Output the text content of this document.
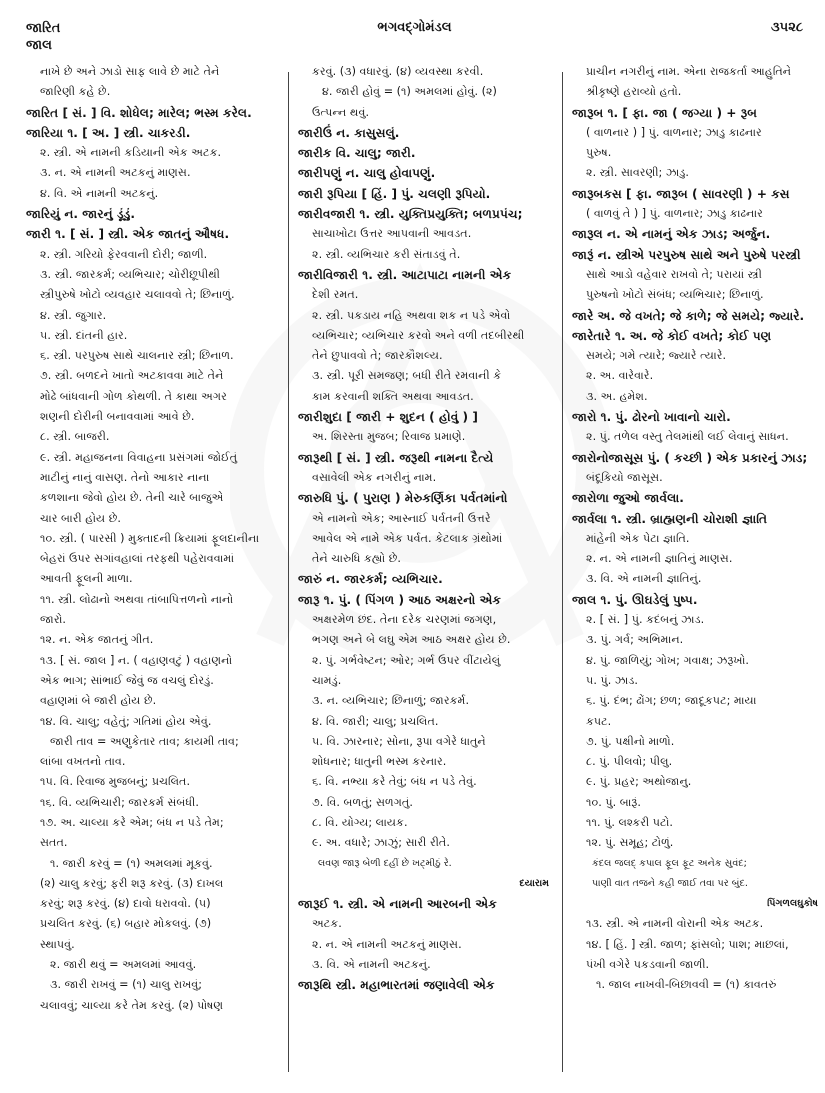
જારિત
જાલ
ભગવદ્ગોમંડલ	૩૫૨૮
નાખે છે અને ઝાડો સાફ લાવે છે માટે તેને
જારિણી કહે છે.
જારિત [ સં. ] વિ. શોધેલ; મારેલ; ભસ્મ કરેલ.
જારિયા ૧. [ અ. ] સ્ત્રી. ચાકરડી.
૨. સ્ત્રી. એ નામની કડિયાની એક અટક.
૩. ન. એ નામની અટકનું માણસ.
૪. વિ. એ નામની અટકનું.
જારિયું ન. જારનું ડૂંડું.
જારી ૧. [ સં. ] સ્ત્રી. એક જાતનું ઔષધ.
૨. સ્ત્રી. ગરિયો ફેરવવાની દોરી; જાળી.
૩. સ્ત્રી. જારકર્મ; વ્યભિચાર; ચોરીછૂપીથી
સ્ત્રીપુરુષે ખોટો વ્યવહાર ચલાવવો તે; છિનાળું.
૪. સ્ત્રી. જુગાર.
૫. સ્ત્રી. દાંતની હાર.
૬. સ્ત્રી. પરપુરુષ સાથે ચાલનાર સ્ત્રી; છિનાળ.
૭. સ્ત્રી. બળદને ખાતો અટકાવવા માટે તેને
મોઢે બાંધવાની ગોળ કોથળી. તે કાથા અગર
શણની દોરીની બનાવવામાં આવે છે.
૮. સ્ત્રી. બાજરી.
૯. સ્ત્રી. મહાજનના વિવાહના પ્રસંગમાં જોઈતું
માટીનું નાનું વાસણ. તેનો આકાર નાના
કળશાના જેવો હોય છે. તેની ચારે બાજુએ
ચાર બારી હોય છે.
૧૦. સ્ત્રી. ( પારસી ) મુક્તાદની ક્રિયામાં ફૂલદાનીના
બેહરાં ઉપર સગાંવહાલાં તરફથી પહેરાવવામાં
આવતી ફૂલની માળા.
૧૧. સ્ત્રી. લોઢાનો અથવા તાંબાપિત્તળનો નાનો
જારો.
૧૨. ન. એક જાતનું ગીત.
૧૩. [ સં. જાલ ] ન. ( વહાણવટું ) વહાણનો
એક ભાગ; સાંભાઈ જેવું જ વચલું દોરડું.
વહાણમાં બે જારી હોય છે.
૧૪. વિ. ચાલુ; વહેતું; ગતિમાં હોય એવું.
જારી તાવ = અણુકેતાર તાવ; કાયમી તાવ;
લાંબા વખતનો તાવ.
૧૫. વિ. રિવાજ મુજબનું; પ્રચલિત.
૧૬. વિ. વ્યભિચારી; જારકર્મ સંબંધી.
૧૭. અ. ચાલ્યા કરે એમ; બંધ ન પડે તેમ;
સતત.
૧. જારી કરવું = (૧) અમલમાં મૂકવું.
(૨) ચાલુ કરવું; ફરી શરૂ કરવું. (૩) દાખલ
કરવું; શરૂ કરવું. (૪) દાવો ધરાવવો. (૫)
પ્રચલિત કરવું. (૬) બહાર મોકલવું. (૭)
સ્થાપવું.
૨. જારી થવું = અમલમાં આવવું.
૩. જારી રાખવું = (૧) ચાલુ રાખવું;
ચલાવવું; ચાલ્યા કરે તેમ કરવું. (૨) પોષણ
કરવું. (૩) વધારવું. (૪) વ્યવસ્થા કરવી.
૪. જારી હોવું = (૧) અમલમાં હોવું. (૨)
ઉત્પન્ન થવું.
જારીઉં ન. કાસુસલું.
જારીક વિ. ચાલુ; જારી.
જારીપણું ન. ચાલુ હોવાપણું.
જારી રૂપિયા [ હિં. ] પું. ચલણી રૂપિયો.
જારીવજારી ૧. સ્ત્રી. યુક્તિપ્રયુક્તિ; બળપ્રપંચ;
સાચાખોટા ઉત્તર આપવાની આવડત.
૨. સ્ત્રી. વ્યભિચાર કરી સંતાડવું તે.
જારીવિજારી ૧. સ્ત્રી. આટાપાટા નામની એક
દેશી રમત.
૨. સ્ત્રી. પકડાય નહિ અથવા શક ન પડે એવો
વ્યભિચાર; વ્યભિચાર કરવો અને વળી તદબીરથી
તેને છુપાવવો તે; જારકૌશલ્ય.
૩. સ્ત્રી. પૂરી સમજણ; બધી રીતે રમવાની કે
કામ કરવાની શક્તિ અથવા આવડત.
જારીશુદા [ જારી + શુદન ( હોવું ) ]
અ. શિરસ્તા મુજબ; રિવાજ પ્રમાણે.
જારૂથી [ સં. ] સ્ત્રી. જરૂથી નામના દૈત્યે
વસાવેલી એક નગરીનું નામ.
જારુધિ પું. ( પુરાણ ) મેરુકર્ણિકા પર્વતમાંનો
એ નામનો એક; આસ્નાઈ પર્વતની ઉત્તરે
આવેલ એ નામે એક પર્વત. કેટલાક ગ્રંથોમાં
તેને ચારુધિ કહ્યો છે.
જારું ન. જારકર્મ; વ્યભિચાર.
જારૂ ૧. પું. ( પિંગળ ) આઠ અક્ષરનો એક
અક્ષરમેળ છંદ. તેના દરેક ચરણમાં જગણ,
ભગણ અને બે લઘુ એમ આઠ અક્ષર હોય છે.
૨. પું. ગર્ભવેષ્ટન; ઓર; ગર્ભ ઉપર વીંટાયેલું
ચામડું.
૩. ન. વ્યભિચાર; છિનાળું; જારકર્મ.
૪. વિ. જારી; ચાલુ; પ્રચલિત.
૫. વિ. ઝારનાર; સોના, રૂપા વગેરે ધાતુને
શોધનાર; ધાતુની ભસ્મ કરનાર.
૬. વિ. નભ્યા કરે તેવું; બંધ ન પડે તેવું.
૭. વિ. બળતું; સળગતું.
૮. વિ. યોગ્ય; લાયક.
૯. અ. વધારે; ઝાઝું; સારી રીતે.
લવણ જારૂ બેળી દહીં છે ખટ્મીઠું રે.
દયારામ
જારૂઈ ૧. સ્ત્રી. એ નામની આરબની એક
અટક.
૨. ન. એ નામની અટકનું માણસ.
૩. વિ. એ નામની અટકનું.
જારૂથિ સ્ત્રી. મહાભારતમાં જણાવેલી એક
પ્રાચીન નગરીનું નામ. એના રાજકર્તા આહુતિને
શ્રીકૃષ્ણે હરાવ્યો હતો.
જારૂબ ૧. [ ફા. જા ( જગ્યા ) + રૂબ
( વાળનાર ) ] પું. વાળનાર; ઝાડુ કાઢનાર
પુરુષ.
૨. સ્ત્રી. સાવરણી; ઝાડુ.
જારૂબકસ [ ફા. જારૂબ ( સાવરણી ) + કસ
( વાળવું તે ) ] પું. વાળનાર; ઝાડુ કાઢનાર
જારૂલ ન. એ નામનું એક ઝાડ; અર્જુન.
જારૂં ન. સ્ત્રીએ પરપુરુષ સાથે અને પુરુષે પરસ્ત્રી
સાથે આડો વહેવાર રાખવો તે; પરાયાં સ્ત્રી
પુરુષનો ખોટો સંબંધ; વ્યભિચાર; છિનાળું.
જારે અ. જે વખતે; જે કાળે; જે સમયે; જ્યારે.
જારેતારે ૧. અ. જે કોઈ વખતે; કોઈ પણ
સમયે; ગમે ત્યારે; જ્યારે ત્યારે.
૨. અ. વારેવારે.
૩. અ. હમેશ.
જારો ૧. પું. ઢોરનો ખાવાનો ચારો.
૨. પું. તળેલ વસ્તુ તેલમાંથી લઈ લેવાનું સાધન.
જારોનોજાસૂસ પું. ( કચ્છી ) એક પ્રકારનું ઝાડ;
બંદૂકિયો જાસૂસ.
જારોળા જુઓ જાર્વલા.
જાર્વલા ૧. સ્ત્રી. બ્રાહ્મણની ચોરાશી જ્ઞાતિ
માંહેની એક પેટા જ્ઞાતિ.
૨. ન. એ નામની જ્ઞાતિનું માણસ.
૩. વિ. એ નામની જ્ઞાતિનું.
જાલ ૧. પું. ઊઘડેલું પુષ્પ.
૨. [ સં. ] પું. કદંબનું ઝાડ.
૩. પું. ગર્વ; અભિમાન.
૪. પું. જાળિયું; ગોખ; ગવાક્ષ; ઝરૂખો.
૫. પું. ઝાડ.
૬. પું. દંભ; ઢોંગ; છળ; જાદૂકપટ; માયા
કપટ.
૭. પું. પક્ષીનો માળો.
૮. પું. પીલવો; પીલુ.
૯. પું. પ્રહર; અથોજાનુ.
૧૦. પું. બારૂં.
૧૧. પું. લશ્કરી પટો.
૧૨. પું. સમૂહ; ટોળું.
કંદલ જલદ્ કપાલ ફૂલ ફૂટ અનેક સુવંદ;
પાણી વાત તજને કહી જાઈ તવા પર બુંદ.
પિંગળલઘુકોષ
૧૩. સ્ત્રી. એ નામની વોરાની એક અટક.
૧૪. [ હિં. ] સ્ત્રી. જાળ; ફાંસલો; પાશ; માછલાં,
પંખી વગેરે પકડવાની જાળી.
૧. જાલ નાખવી-બિછાવવી = (૧) કાવતરું
